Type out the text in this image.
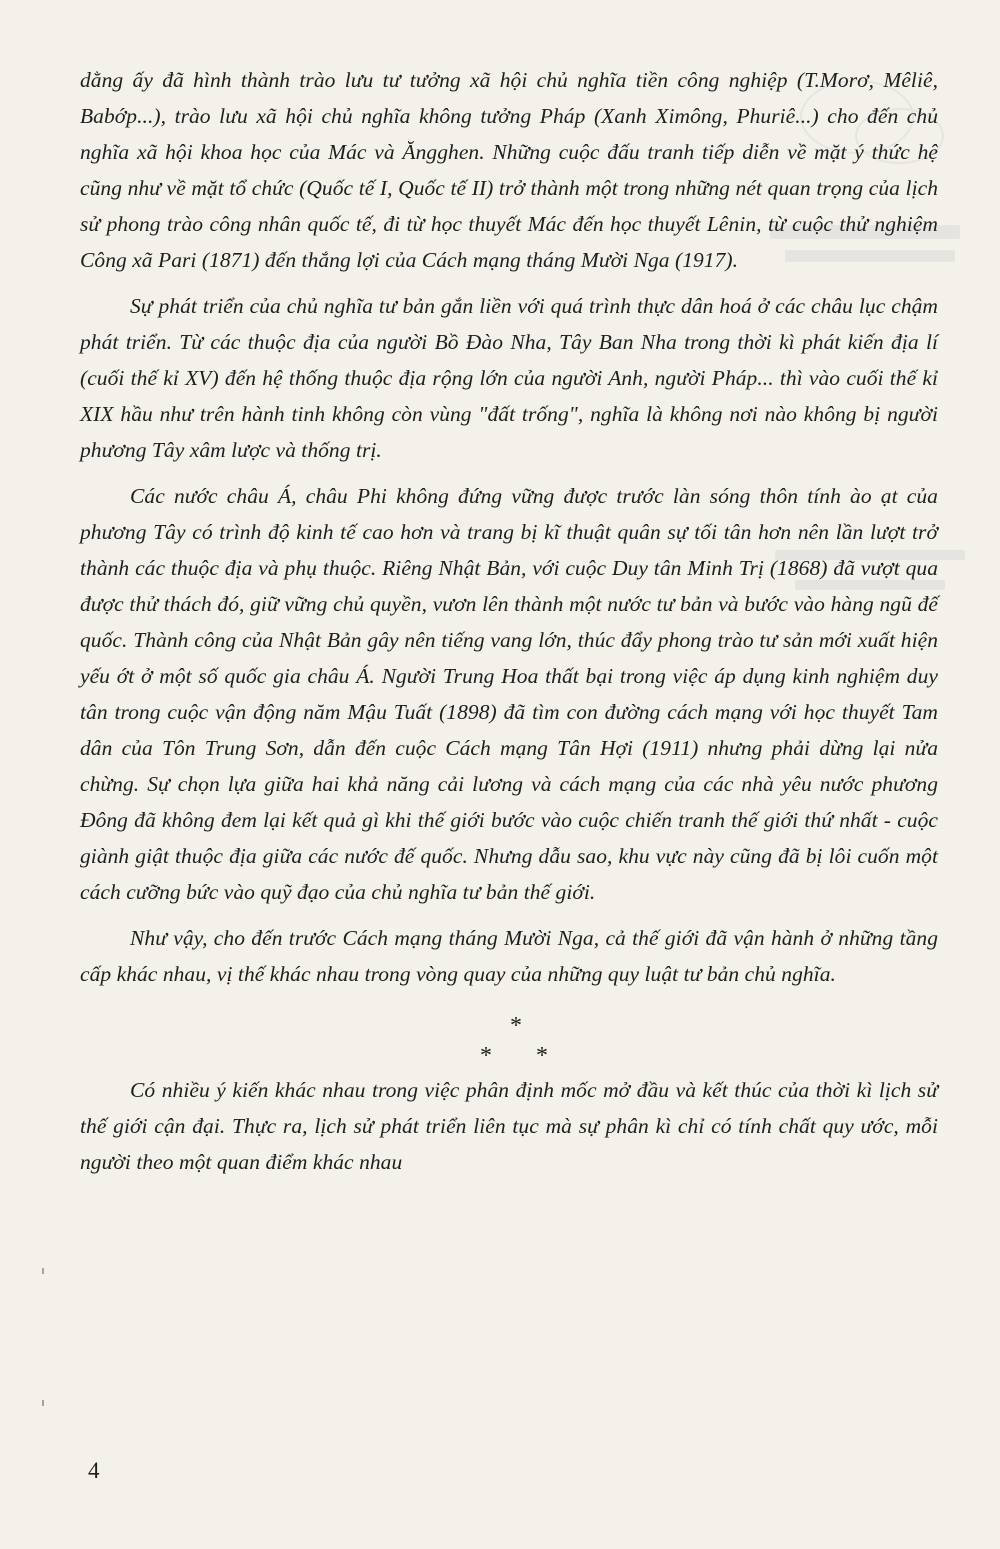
dằng ấy đã hình thành trào lưu tư tưởng xã hội chủ nghĩa tiền công nghiệp (T.Morơ, Mêliê, Babớp...), trào lưu xã hội chủ nghĩa không tưởng Pháp (Xanh Ximông, Phuriê...) cho đến chủ nghĩa xã hội khoa học của Mác và Ăngghen. Những cuộc đấu tranh tiếp diễn về mặt ý thức hệ cũng như về mặt tổ chức (Quốc tế I, Quốc tế II) trở thành một trong những nét quan trọng của lịch sử phong trào công nhân quốc tế, đi từ học thuyết Mác đến học thuyết Lênin, từ cuộc thử nghiệm Công xã Pari (1871) đến thắng lợi của Cách mạng tháng Mười Nga (1917).

Sự phát triển của chủ nghĩa tư bản gắn liền với quá trình thực dân hoá ở các châu lục chậm phát triển. Từ các thuộc địa của người Bồ Đào Nha, Tây Ban Nha trong thời kì phát kiến địa lí (cuối thế kỉ XV) đến hệ thống thuộc địa rộng lớn của người Anh, người Pháp... thì vào cuối thế kỉ XIX hầu như trên hành tinh không còn vùng "đất trống", nghĩa là không nơi nào không bị người phương Tây xâm lược và thống trị.

Các nước châu Á, châu Phi không đứng vững được trước làn sóng thôn tính ào ạt của phương Tây có trình độ kinh tế cao hơn và trang bị kĩ thuật quân sự tối tân hơn nên lần lượt trở thành các thuộc địa và phụ thuộc. Riêng Nhật Bản, với cuộc Duy tân Minh Trị (1868) đã vượt qua được thử thách đó, giữ vững chủ quyền, vươn lên thành một nước tư bản và bước vào hàng ngũ đế quốc. Thành công của Nhật Bản gây nên tiếng vang lớn, thúc đẩy phong trào tư sản mới xuất hiện yếu ớt ở một số quốc gia châu Á. Người Trung Hoa thất bại trong việc áp dụng kinh nghiệm duy tân trong cuộc vận động năm Mậu Tuất (1898) đã tìm con đường cách mạng với học thuyết Tam dân của Tôn Trung Sơn, dẫn đến cuộc Cách mạng Tân Hợi (1911) nhưng phải dừng lại nửa chừng. Sự chọn lựa giữa hai khả năng cải lương và cách mạng của các nhà yêu nước phương Đông đã không đem lại kết quả gì khi thế giới bước vào cuộc chiến tranh thế giới thứ nhất - cuộc giành giật thuộc địa giữa các nước đế quốc. Nhưng dẫu sao, khu vực này cũng đã bị lôi cuốn một cách cưỡng bức vào quỹ đạo của chủ nghĩa tư bản thế giới.

Như vậy, cho đến trước Cách mạng tháng Mười Nga, cả thế giới đã vận hành ở những tầng cấp khác nhau, vị thế khác nhau trong vòng quay của những quy luật tư bản chủ nghĩa.

*
* *

Có nhiều ý kiến khác nhau trong việc phân định mốc mở đầu và kết thúc của thời kì lịch sử thế giới cận đại. Thực ra, lịch sử phát triển liên tục mà sự phân kì chỉ có tính chất quy ước, mỗi người theo một quan điểm khác nhau

4
